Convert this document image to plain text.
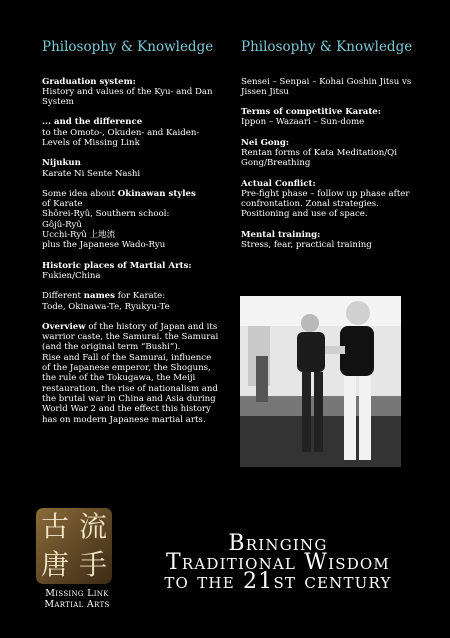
Philosophy & Knowledge
Graduation system:
History and values of the Kyu- and Dan System
... and the difference
to the Omoto-, Okuden- and Kaiden-Levels of Missing Link
Nijukun
Karate Ni Sente Nashi
Some idea about Okinawan styles
of Karate
Shôrei-Ryû, Southern school:
Gôjû-Ryû
Ucchi-Ryû 上地流
plus the Japanese Wado-Ryu
Historic places of Martial Arts:
Fukien/China
Different names for Karate:
Tode, Okinawa-Te, Ryukyu-Te
Overview of the history of Japan and its warrior caste, the Samurai. the Samurai (and the original term “Bushi”).
Rise and Fall of the Samurai, influence of the Japanese emperor, the Shoguns, the rule of the Tokugawa, the Meiji restauration, the rise of nationalism and the brutal war in China and Asia during World War 2 and the effect this history has on modern Japanese martial arts.
Philosophy & Knowledge
Sensei – Senpai – Kohai Goshin Jitsu vs Jissen Jitsu
Terms of competitive Karate:
Ippon – Wazaari – Sun-dome
Nei Gong:
Rentan forms of Kata Meditation/Qi Gong/Breathing
Actual Conflict:
Pre-fight phase – follow up phase after confrontation. Zonal strategies. Positioning and use of space.
Mental training:
Stress, fear, practical training
古 流
唐 手
Missing Link
Martial Arts
Bringing
Traditional Wisdom
to the 21st century
